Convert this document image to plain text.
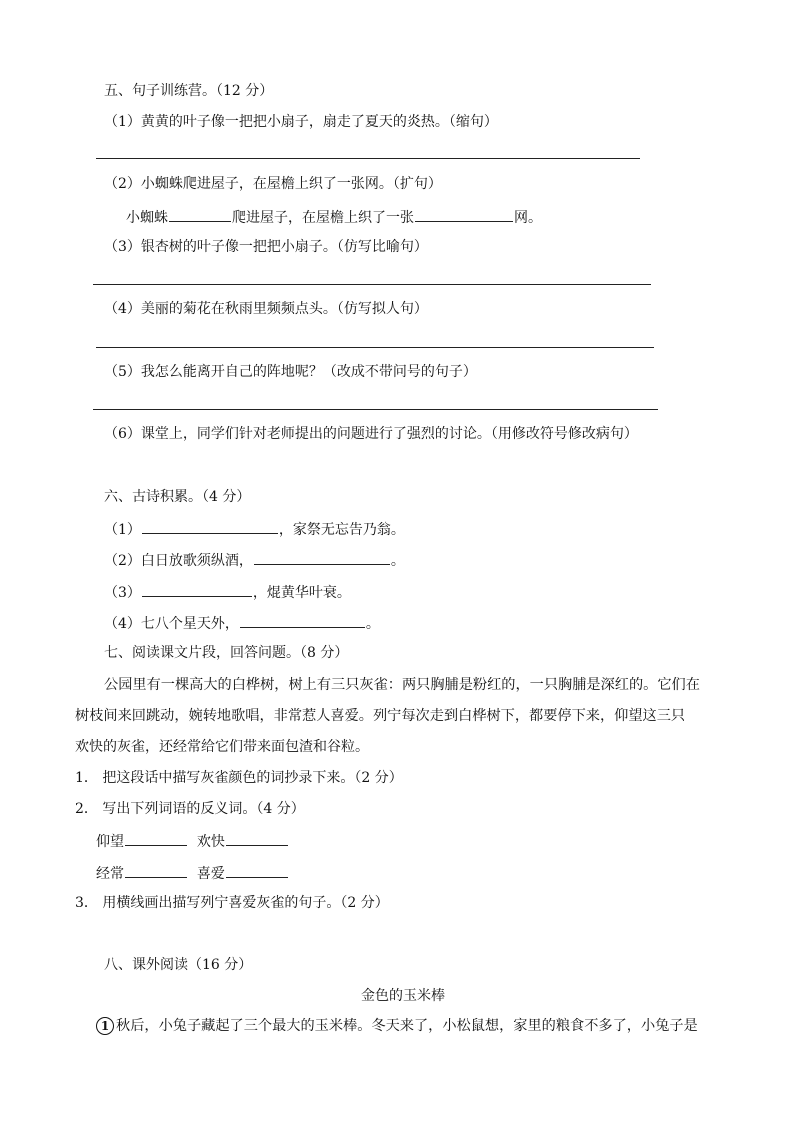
五、句子训练营。（12 分）
（1）黄黄的叶子像一把把小扇子，扇走了夏天的炎热。（缩句）
（2）小蜘蛛爬进屋子，在屋檐上织了一张网。（扩句）
小蜘蛛	爬进屋子，在屋檐上织了一张	网。
（3）银杏树的叶子像一把把小扇子。（仿写比喻句）
（4）美丽的菊花在秋雨里频频点头。（仿写拟人句）
（5）我怎么能离开自己的阵地呢？（改成不带问号的句子）
（6）课堂上，同学们针对老师提出的问题进行了强烈的讨论。（用修改符号修改病句）
六、古诗积累。（4 分）
（1）	，家祭无忘告乃翁。
（2）白日放歌须纵酒，	。
（3）	，焜黄华叶衰。
（4）七八个星天外，	。
七、阅读课文片段，回答问题。（8 分）
公园里有一棵高大的白桦树，树上有三只灰雀：两只胸脯是粉红的，一只胸脯是深红的。它们在
树枝间来回跳动，婉转地歌唱，非常惹人喜爱。列宁每次走到白桦树下，都要停下来，仰望这三只
欢快的灰雀，还经常给它们带来面包渣和谷粒。
1． 把这段话中描写灰雀颜色的词抄录下来。（2 分）
2． 写出下列词语的反义词。（4 分）
仰望	欢快
经常	喜爱
3． 用横线画出描写列宁喜爱灰雀的句子。（2 分）
八、课外阅读（16 分）
金色的玉米棒
1 秋后，小兔子藏起了三个最大的玉米棒。冬天来了，小松鼠想，家里的粮食不多了，小兔子是
